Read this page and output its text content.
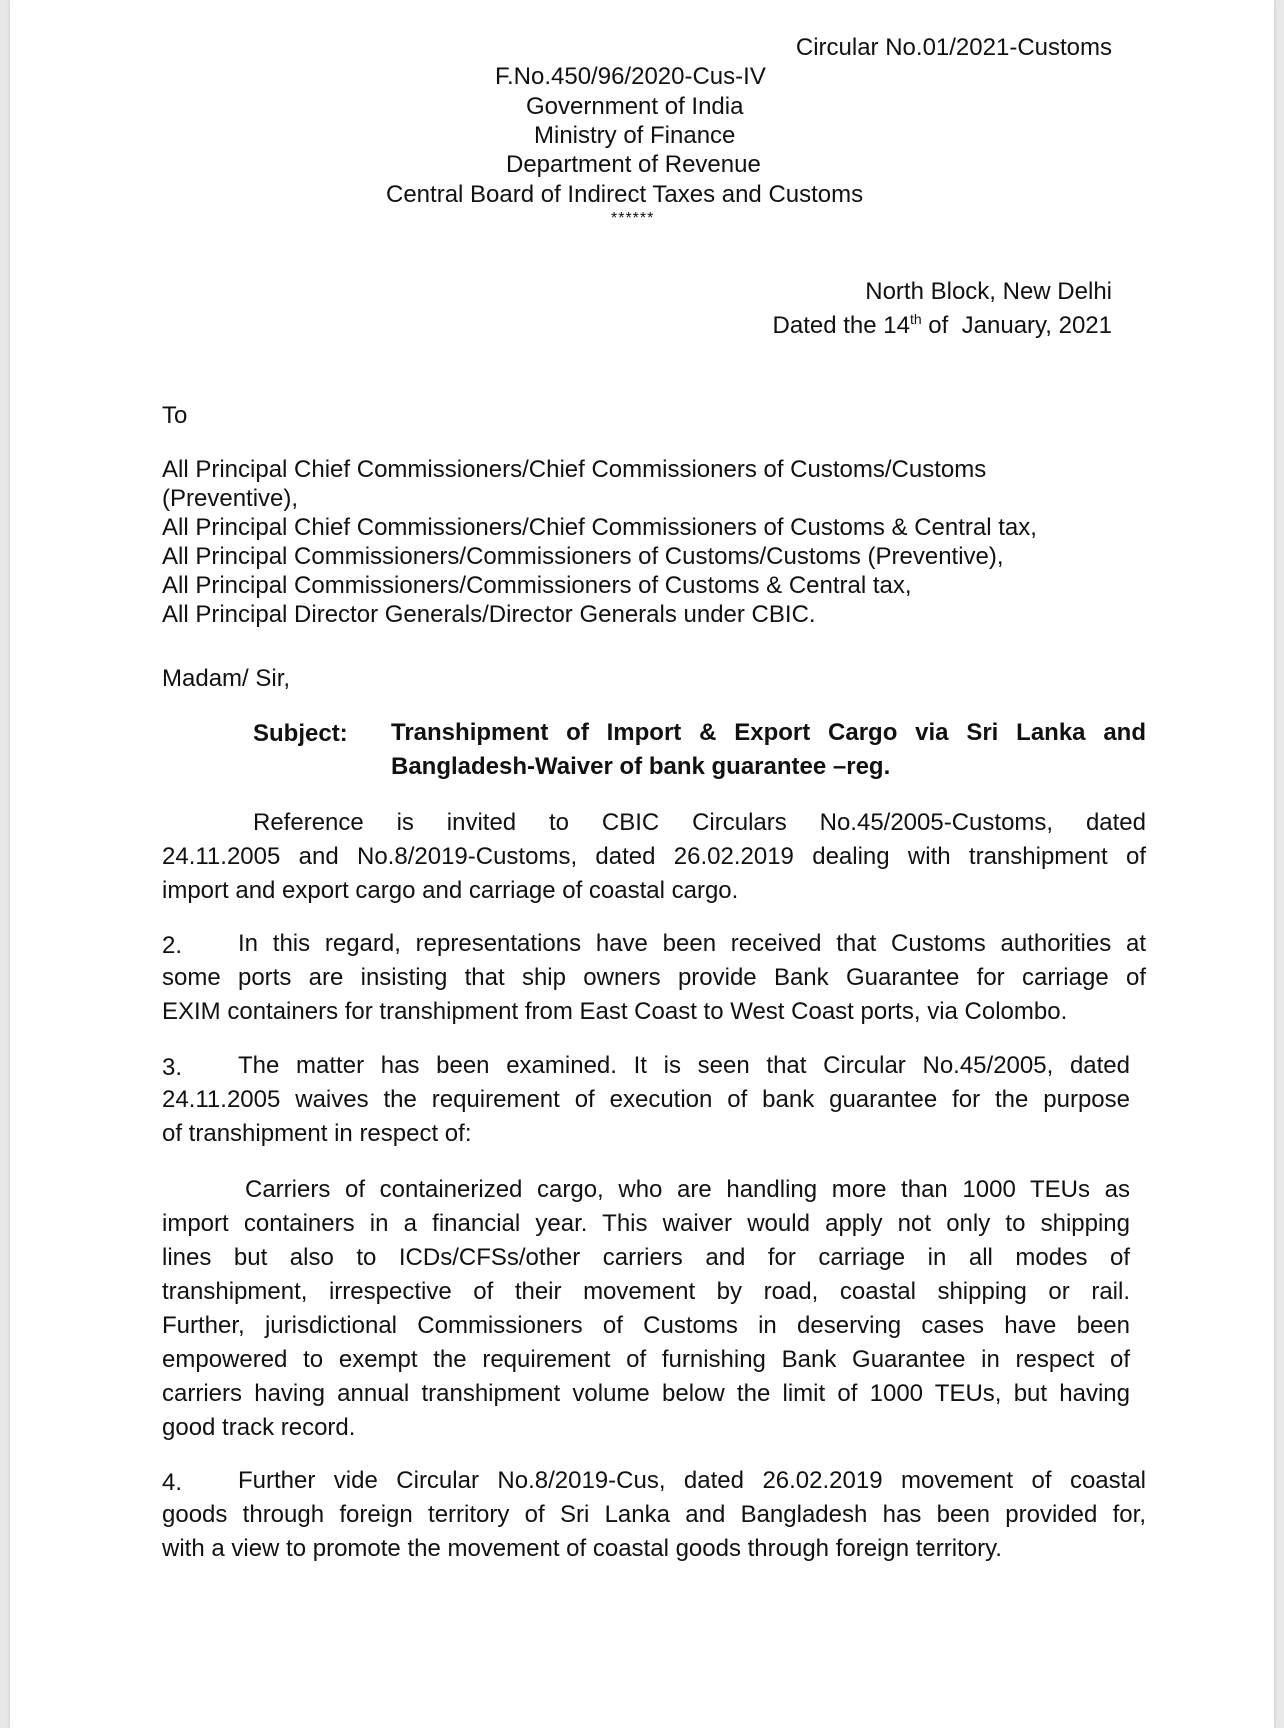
Circular No.01/2021-Customs
F.No.450/96/2020-Cus-IV
Government of India
Ministry of Finance
Department of Revenue
Central Board of Indirect Taxes and Customs
******
North Block, New Delhi
Dated the 14th of  January, 2021
To
All Principal Chief Commissioners/Chief Commissioners of Customs/Customs
(Preventive),
All Principal Chief Commissioners/Chief Commissioners of Customs & Central tax,
All Principal Commissioners/Commissioners of Customs/Customs (Preventive),
All Principal Commissioners/Commissioners of Customs & Central tax,
All Principal Director Generals/Director Generals under CBIC.
Madam/ Sir,
Subject: Transhipment of Import & Export Cargo via Sri Lanka and
Bangladesh-Waiver of bank guarantee –reg.
Reference is invited to CBIC Circulars No.45/2005-Customs, dated
24.11.2005 and No.8/2019-Customs, dated 26.02.2019 dealing with transhipment of
import and export cargo and carriage of coastal cargo.
2.	In this regard, representations have been received that Customs authorities at
some ports are insisting that ship owners provide Bank Guarantee for carriage of
EXIM containers for transhipment from East Coast to West Coast ports, via Colombo.
3.	The matter has been examined. It is seen that Circular No.45/2005, dated
24.11.2005 waives the requirement of execution of bank guarantee for the purpose
of transhipment in respect of:
Carriers of containerized cargo, who are handling more than 1000 TEUs as
import containers in a financial year. This waiver would apply not only to shipping
lines but also to ICDs/CFSs/other carriers and for carriage in all modes of
transhipment, irrespective of their movement by road, coastal shipping or rail.
Further, jurisdictional Commissioners of Customs in deserving cases have been
empowered to exempt the requirement of furnishing Bank Guarantee in respect of
carriers having annual transhipment volume below the limit of 1000 TEUs, but having
good track record.
4.	Further vide Circular No.8/2019-Cus, dated 26.02.2019 movement of coastal
goods through foreign territory of Sri Lanka and Bangladesh has been provided for,
with a view to promote the movement of coastal goods through foreign territory.
